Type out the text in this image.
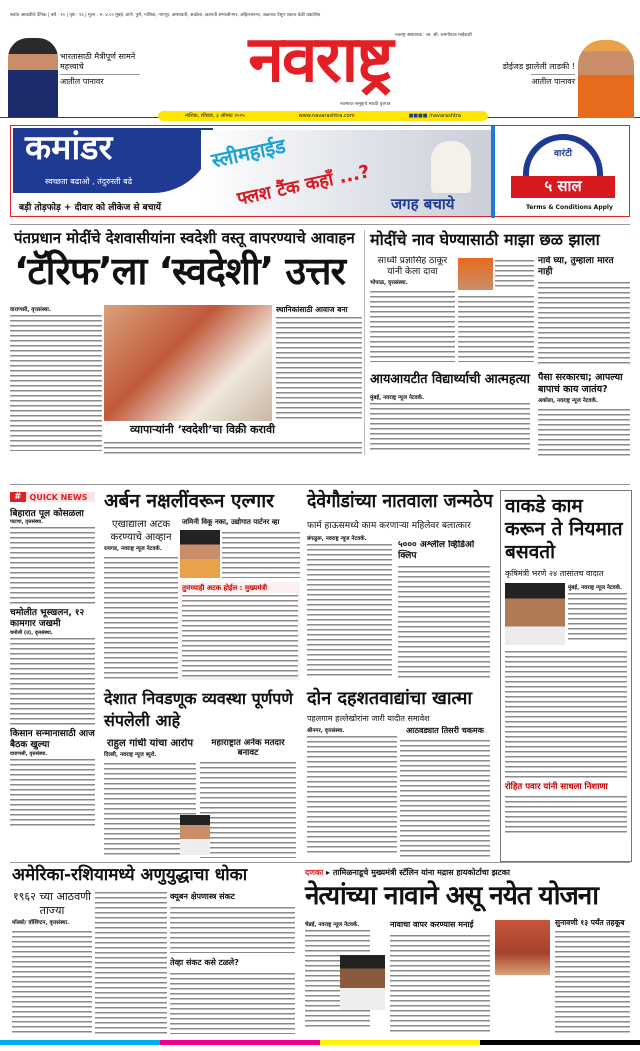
सर्वात आघाडीचे दैनिक | वर्ष : १० | पृष्ठ : १६ | मूल्य : रु. ४.०० मुंबई, ठाणे, पुणे, नाशिक, नागपूर, अमरावती, अकोला, छत्रपती संभाजीनगर, अहिल्यानगर, जळगाव येथून एकाच वेळी प्रकाशित
नवराष्ट्र संस्थापक : स्व. श्री. रामगोपाल माहेश्वरी
भारतासाठी मैत्रीपूर्ण सामने महत्त्वाचे
आतील पानावर	नवराष्ट्र
नवभारत समूहाचे मराठी वृत्तपत्र
नाशिक, रविवार, ३ ऑगस्ट २०२५	www.navarashtra.com	■■■■ /navarashtra
डोईजड झालेली लाडकी !
आतील पानावर
कमांडर
स्वच्छता बढाओ , तंदुरुस्ती बढे
स्लीमहाईड
फ्लश टैंक कहाँ ...?
बड़ी तोड़फोड़ + दीवार को लीकेज से बचायें	जगह बचाये
वारंटी
५ साल
Terms & Conditions Apply
पंतप्रधान मोदींचे देशवासीयांना स्वदेशी वस्तू वापरण्याचे आवाहन
‘टॅरिफ’ला ‘स्वदेशी’ उत्तर
वाराणसी, वृत्तसंस्था.	स्थानिकांसाठी आवाज बना
व्यापाऱ्यांनी ‘स्वदेशी’चा विक्री करावी
मोदींचे नाव घेण्यासाठी माझा छळ झाला
साध्वी प्रज्ञासिंह ठाकूर यांनी केला दावा
भोपाळ, वृत्तसंस्था.
नावे घ्या, तुम्हाला मारत नाही
आयआयटीत विद्यार्थ्याची आत्महत्या
मुंबई, नवराष्ट्र न्यूज नेटवर्क.
पैसा सरकारचा; आपल्या बापाचं काय जातंय?
अकोला, नवराष्ट्र न्यूज नेटवर्क.
#	QUICK NEWS
बिहारात पूल कोसळला
पाटणा, वृत्तसंस्था.
चमोलीत भूस्खलन, १२ कामगार जखमी
चमोली (उ), वृत्तसंस्था.
किसान सन्मानासाठी आज बैठक खुल्या
वाराणसी, वृत्तसंस्था.
अर्बन नक्षलींवरून एल्गार
एखाद्याला अटक करण्याचे आव्हान
रायगड, नवराष्ट्र न्यूज नेटवर्क.
जमिनी विकू नका, उद्योगात पार्टनर व्हा
तुमच्याही अटक होईल : मुख्यमंत्री
देवेगौडांच्या नातवाला जन्मठेप
फार्म हाऊसमध्ये काम करणाऱ्या महिलेवर बलात्कार
बंगळुरू, नवराष्ट्र न्यूज नेटवर्क.
५००० अश्लील व्हिडिओ क्लिप
वाकडे काम करून ते नियमात बसवतो
कृषिमंत्री भरणे २४ तासांतच वादात
मुंबई, नवराष्ट्र न्यूज नेटवर्क.
रोहित पवार यांनी साधला निशाणा
देशात निवडणूक व्यवस्था पूर्णपणे संपलेली आहे
राहुल गांधी यांचा आरोप
दिल्ली, नवराष्ट्र न्यूज ब्युरो.
महाराष्ट्रात अनेक मतदार बनावट
दोन दहशतवाद्यांचा खात्मा
पहलगाम हल्लेखोरांना जारी यादीत समावेश
श्रीनगर, वृत्तसंस्था.	आठवड्यात तिसरी चकमक
अमेरिका-रशियामध्ये अणुयुद्धाचा धोका
१९६२ च्या आठवणी ताज्या
मॉस्को/ वॉशिंग्टन, वृत्तसंस्था.
क्यूबन क्षेपणास्त्र संकट
तेव्हा संकट कसे टळले?
दणका ▸ तामिळनाडूचे मुख्यमंत्री स्टॅलिन यांना मद्रास हायकोर्टाचा झटका
नेत्यांच्या नावाने असू नयेत योजना
चेन्नई, नवराष्ट्र न्यूज नेटवर्क.	नावाचा वापर करण्यास मनाई	सुनावणी १३ पर्यंत तहकूब
